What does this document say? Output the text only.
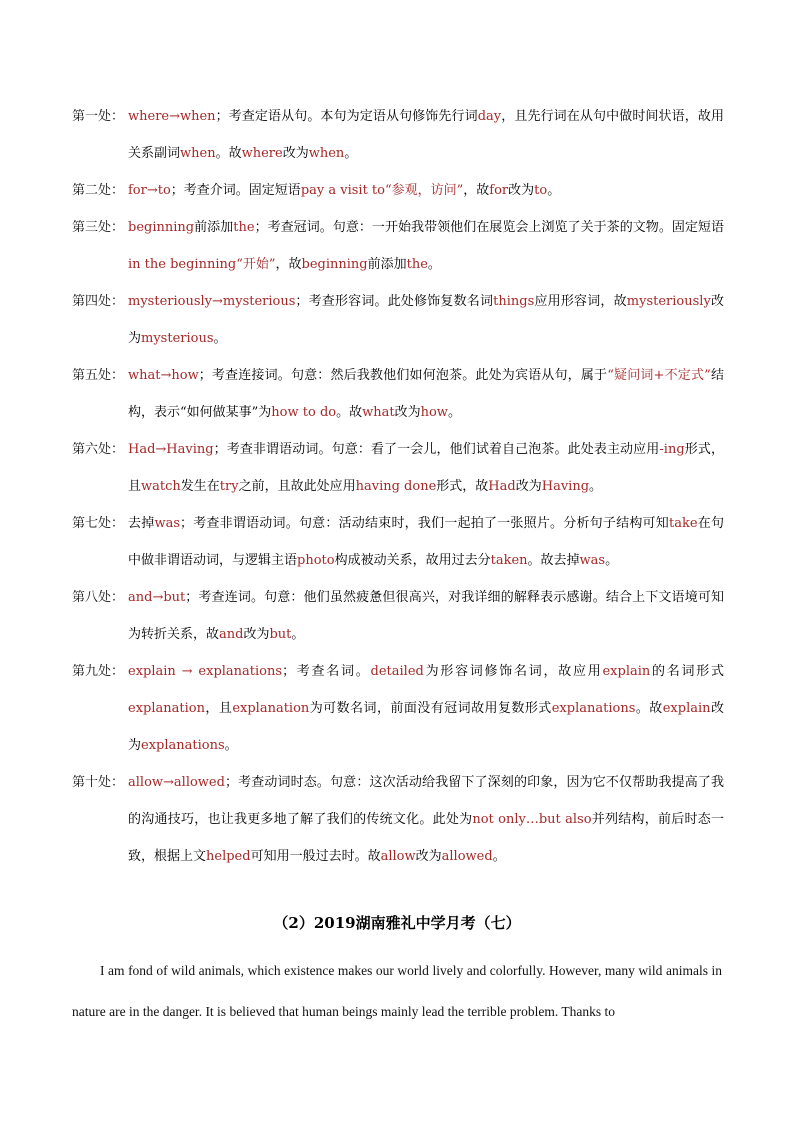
第一处： where→when；考查定语从句。本句为定语从句修饰先行词day，且先行词在从句中做时间状语，故用关系副词when。故where改为when。
第二处： for→to；考查介词。固定短语pay a visit to“参观，访问”，故for改为to。
第三处： beginning前添加the；考查冠词。句意：一开始我带领他们在展览会上浏览了关于茶的文物。固定短语in the beginning“开始”，故beginning前添加the。
第四处： mysteriously→mysterious；考查形容词。此处修饰复数名词things应用形容词，故mysteriously改为mysterious。
第五处： what→how；考查连接词。句意：然后我教他们如何泡茶。此处为宾语从句，属于“疑问词+不定式”结构，表示“如何做某事”为how to do。故what改为how。
第六处： Had→Having；考查非谓语动词。句意：看了一会儿，他们试着自己泡茶。此处表主动应用-ing形式，且watch发生在try之前，且故此处应用having done形式，故Had改为Having。
第七处： 去掉was；考查非谓语动词。句意：活动结束时，我们一起拍了一张照片。分析句子结构可知take在句中做非谓语动词，与逻辑主语photo构成被动关系，故用过去分taken。故去掉was。
第八处： and→but；考查连词。句意：他们虽然疲惫但很高兴，对我详细的解释表示感谢。结合上下文语境可知为转折关系，故and改为but。
第九处： explain → explanations；考查名词。detailed为形容词修饰名词，故应用explain的名词形式explanation，且explanation为可数名词，前面没有冠词故用复数形式explanations。故explain改为explanations。
第十处： allow→allowed；考查动词时态。句意：这次活动给我留下了深刻的印象，因为它不仅帮助我提高了我的沟通技巧，也让我更多地了解了我们的传统文化。此处为not only…but also并列结构，前后时态一致，根据上文helped可知用一般过去时。故allow改为allowed。
（2）2019湖南雅礼中学月考（七）
I am fond of wild animals, which existence makes our world lively and colorfully. However, many wild animals in nature are in the danger. It is believed that human beings mainly lead the terrible problem. Thanks to
